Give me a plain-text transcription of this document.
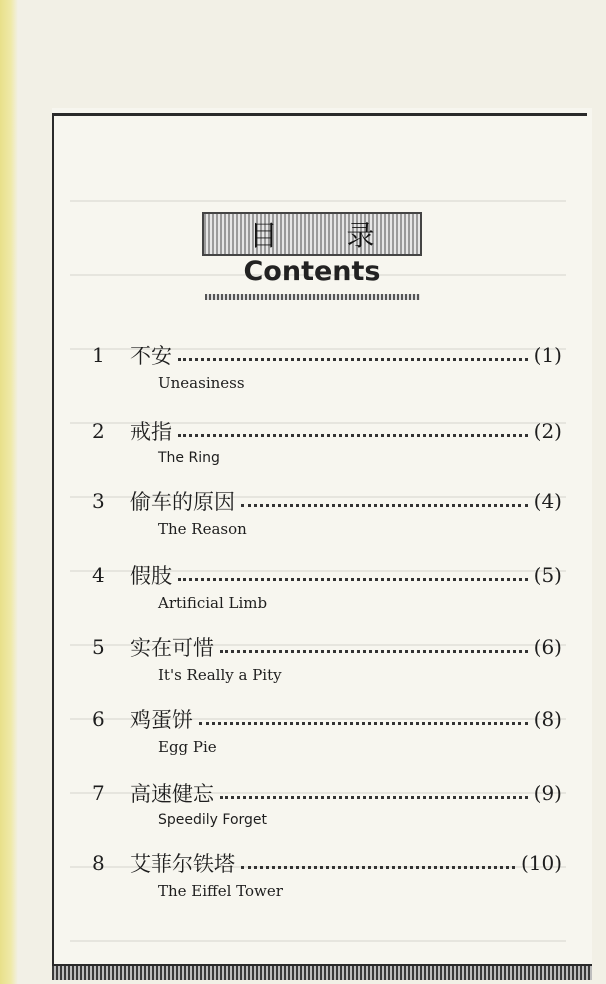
目 录
Contents
1	不安	(1)
Uneasiness
2	戒指	(2)
The Ring
3	偷车的原因	(4)
The Reason
4	假肢	(5)
Artificial Limb
5	实在可惜	(6)
It's Really a Pity
6	鸡蛋饼	(8)
Egg Pie
7	高速健忘	(9)
Speedily Forget
8	艾菲尔铁塔	(10)
The Eiffel Tower
